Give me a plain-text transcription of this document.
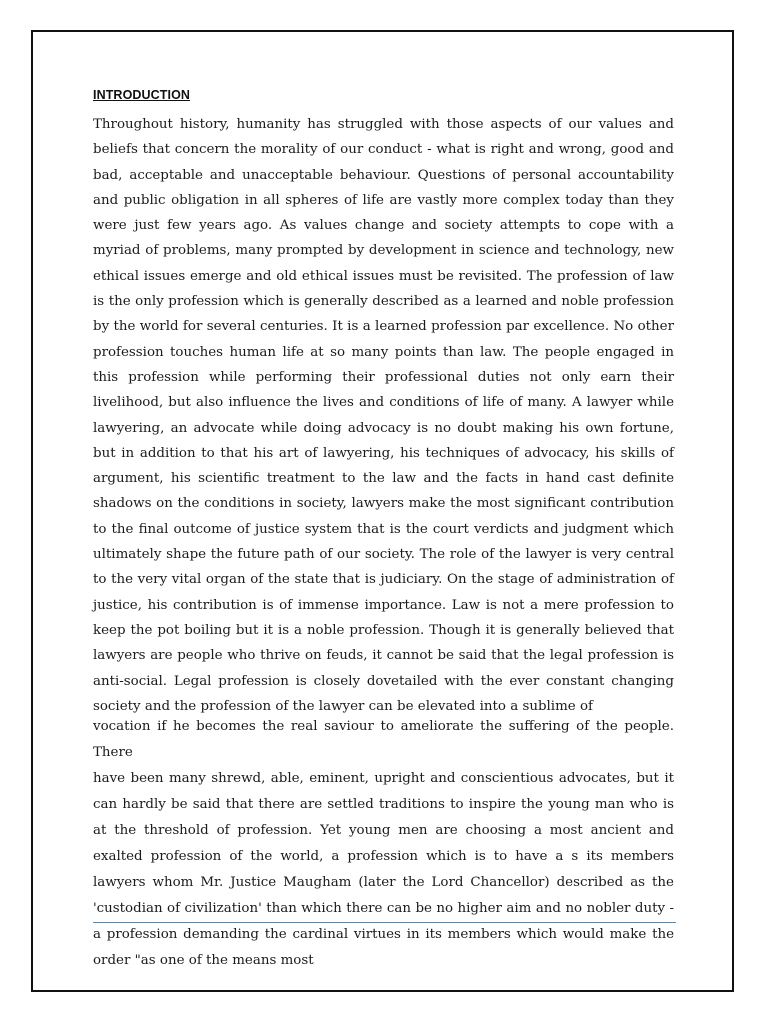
INTRODUCTION

Throughout history, humanity has struggled with those aspects of our values and beliefs that concern the morality of our conduct - what is right and wrong, good and bad, acceptable and unacceptable behaviour. Questions of personal accountability and public obligation in all spheres of life are vastly more complex today than they were just few years ago. As values change and society attempts to cope with a myriad of problems, many prompted by development in science and technology, new ethical issues emerge and old ethical issues must be revisited. The profession of law is the only profession which is generally described as a learned and noble profession by the world for several centuries. It is a learned profession par excellence. No other profession touches human life at so many points than law. The people engaged in this profession while performing their professional duties not only earn their livelihood, but also influence the lives and conditions of life of many. A lawyer while lawyering, an advocate while doing advocacy is no doubt making his own fortune, but in addition to that his art of lawyering, his techniques of advocacy, his skills of argument, his scientific treatment to the law and the facts in hand cast definite shadows on the conditions in society, lawyers make the most significant contribution to the final outcome of justice system that is the court verdicts and judgment which ultimately shape the future path of our society. The role of the lawyer is very central to the very vital organ of the state that is judiciary. On the stage of administration of justice, his contribution is of immense importance. Law is not a mere profession to keep the pot boiling but it is a noble profession. Though it is generally believed that lawyers are people who thrive on feuds, it cannot be said that the legal profession is anti-social. Legal profession is closely dovetailed with the ever constant changing society and the profession of the lawyer can be elevated into a sublime of

vocation if he becomes the real saviour to ameliorate the suffering of the people. There
have been many shrewd, able, eminent, upright and conscientious advocates, but it can hardly be said that there are settled traditions to inspire the young man who is at the threshold of profession. Yet young men are choosing a most ancient and exalted profession of the world, a profession which is to have a s its members lawyers whom Mr. Justice Maugham (later the Lord Chancellor) described as the 'custodian of civilization' than which there can be no higher aim and no nobler duty - a profession demanding the cardinal virtues in its members which would make the order "as one of the means most
